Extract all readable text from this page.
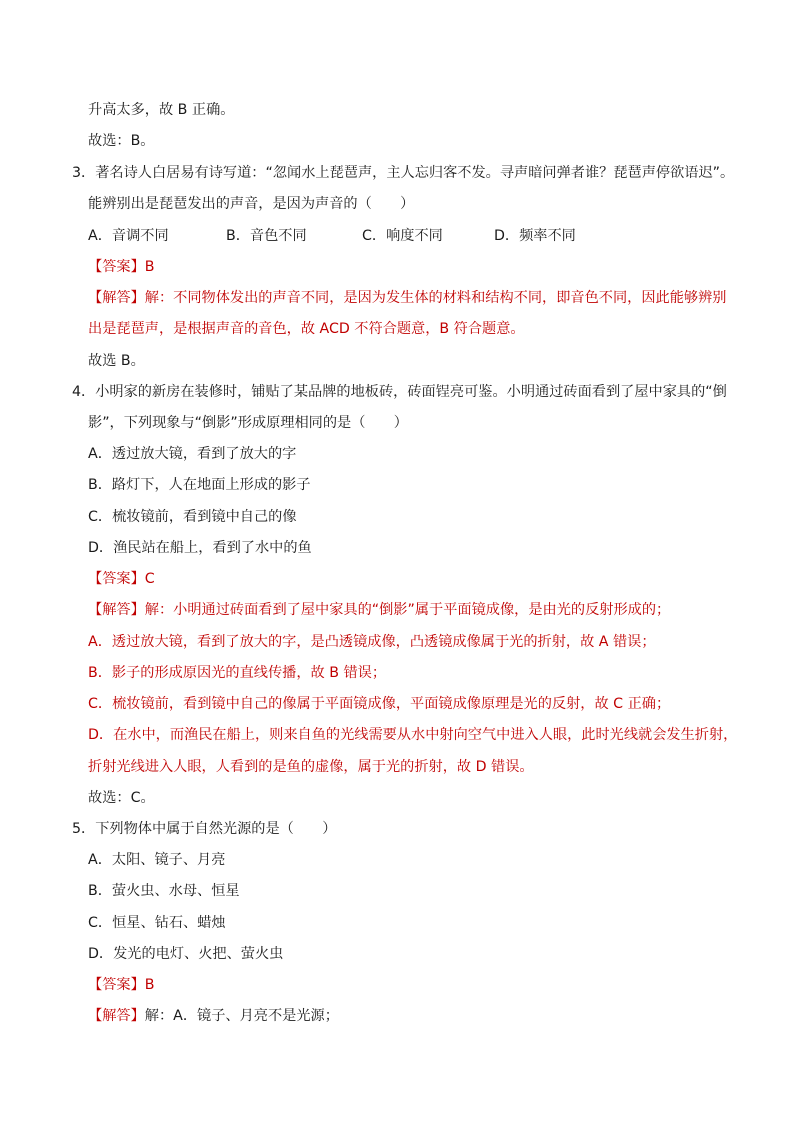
升高太多，故 B 正确。
故选：B。
3．著名诗人白居易有诗写道：“忽闻水上琵琶声，主人忘归客不发。寻声暗问弹者谁？琵琶声停欲语迟”。
能辨别出是琵琶发出的声音，是因为声音的（　　）
A．音调不同	B．音色不同	C．响度不同	D．频率不同
【答案】B
【解答】解：不同物体发出的声音不同，是因为发生体的材料和结构不同，即音色不同，因此能够辨别
出是琵琶声，是根据声音的音色，故 ACD 不符合题意，B 符合题意。
故选 B。
4．小明家的新房在装修时，铺贴了某品牌的地板砖，砖面锃亮可鉴。小明通过砖面看到了屋中家具的“倒
影”，下列现象与“倒影”形成原理相同的是（　　）
A．透过放大镜，看到了放大的字
B．路灯下，人在地面上形成的影子
C．梳妆镜前，看到镜中自己的像
D．渔民站在船上，看到了水中的鱼
【答案】C
【解答】解：小明通过砖面看到了屋中家具的“倒影”属于平面镜成像，是由光的反射形成的；
A．透过放大镜，看到了放大的字，是凸透镜成像，凸透镜成像属于光的折射，故 A 错误；
B．影子的形成原因光的直线传播，故 B 错误；
C．梳妆镜前，看到镜中自己的像属于平面镜成像，平面镜成像原理是光的反射，故 C 正确；
D．在水中，而渔民在船上，则来自鱼的光线需要从水中射向空气中进入人眼，此时光线就会发生折射，
折射光线进入人眼，人看到的是鱼的虚像，属于光的折射，故 D 错误。
故选：C。
5．下列物体中属于自然光源的是（　　）
A．太阳、镜子、月亮
B．萤火虫、水母、恒星
C．恒星、钻石、蜡烛
D．发光的电灯、火把、萤火虫
【答案】B
【解答】解：A．镜子、月亮不是光源；
